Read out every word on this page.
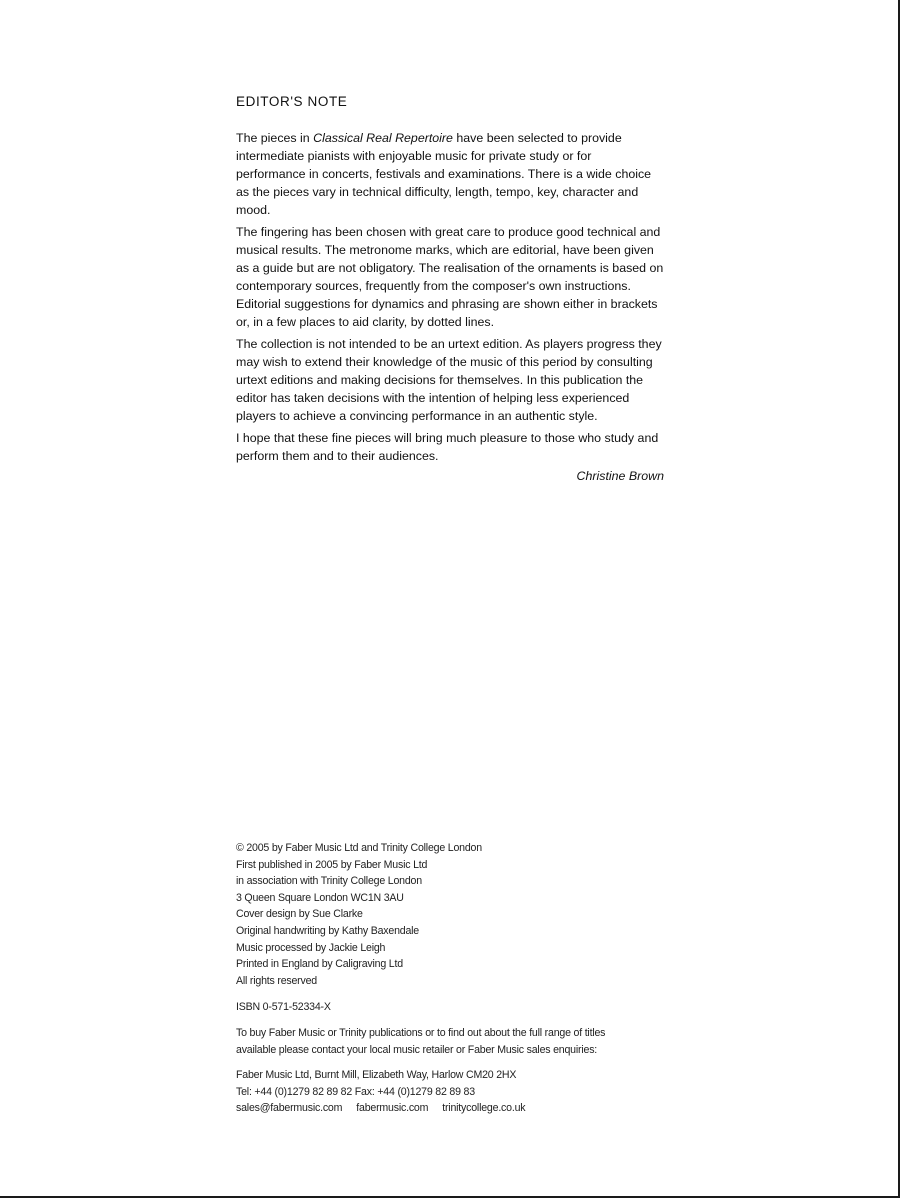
EDITOR'S NOTE

The pieces in Classical Real Repertoire have been selected to provide intermediate pianists with enjoyable music for private study or for performance in concerts, festivals and examinations. There is a wide choice as the pieces vary in technical difficulty, length, tempo, key, character and mood.

The fingering has been chosen with great care to produce good technical and musical results. The metronome marks, which are editorial, have been given as a guide but are not obligatory. The realisation of the ornaments is based on contemporary sources, frequently from the composer's own instructions. Editorial suggestions for dynamics and phrasing are shown either in brackets or, in a few places to aid clarity, by dotted lines.

The collection is not intended to be an urtext edition. As players progress they may wish to extend their knowledge of the music of this period by consulting urtext editions and making decisions for themselves. In this publication the editor has taken decisions with the intention of helping less experienced players to achieve a convincing performance in an authentic style.

I hope that these fine pieces will bring much pleasure to those who study and perform them and to their audiences.

Christine Brown
© 2005 by Faber Music Ltd and Trinity College London
First published in 2005 by Faber Music Ltd
in association with Trinity College London
3 Queen Square London WC1N 3AU
Cover design by Sue Clarke
Original handwriting by Kathy Baxendale
Music processed by Jackie Leigh
Printed in England by Caligraving Ltd
All rights reserved
ISBN 0-571-52334-X
To buy Faber Music or Trinity publications or to find out about the full range of titles
available please contact your local music retailer or Faber Music sales enquiries:
Faber Music Ltd, Burnt Mill, Elizabeth Way, Harlow CM20 2HX
Tel: +44 (0)1279 82 89 82 Fax: +44 (0)1279 82 89 83
sales@fabermusic.com fabermusic.com trinitycollege.co.uk
